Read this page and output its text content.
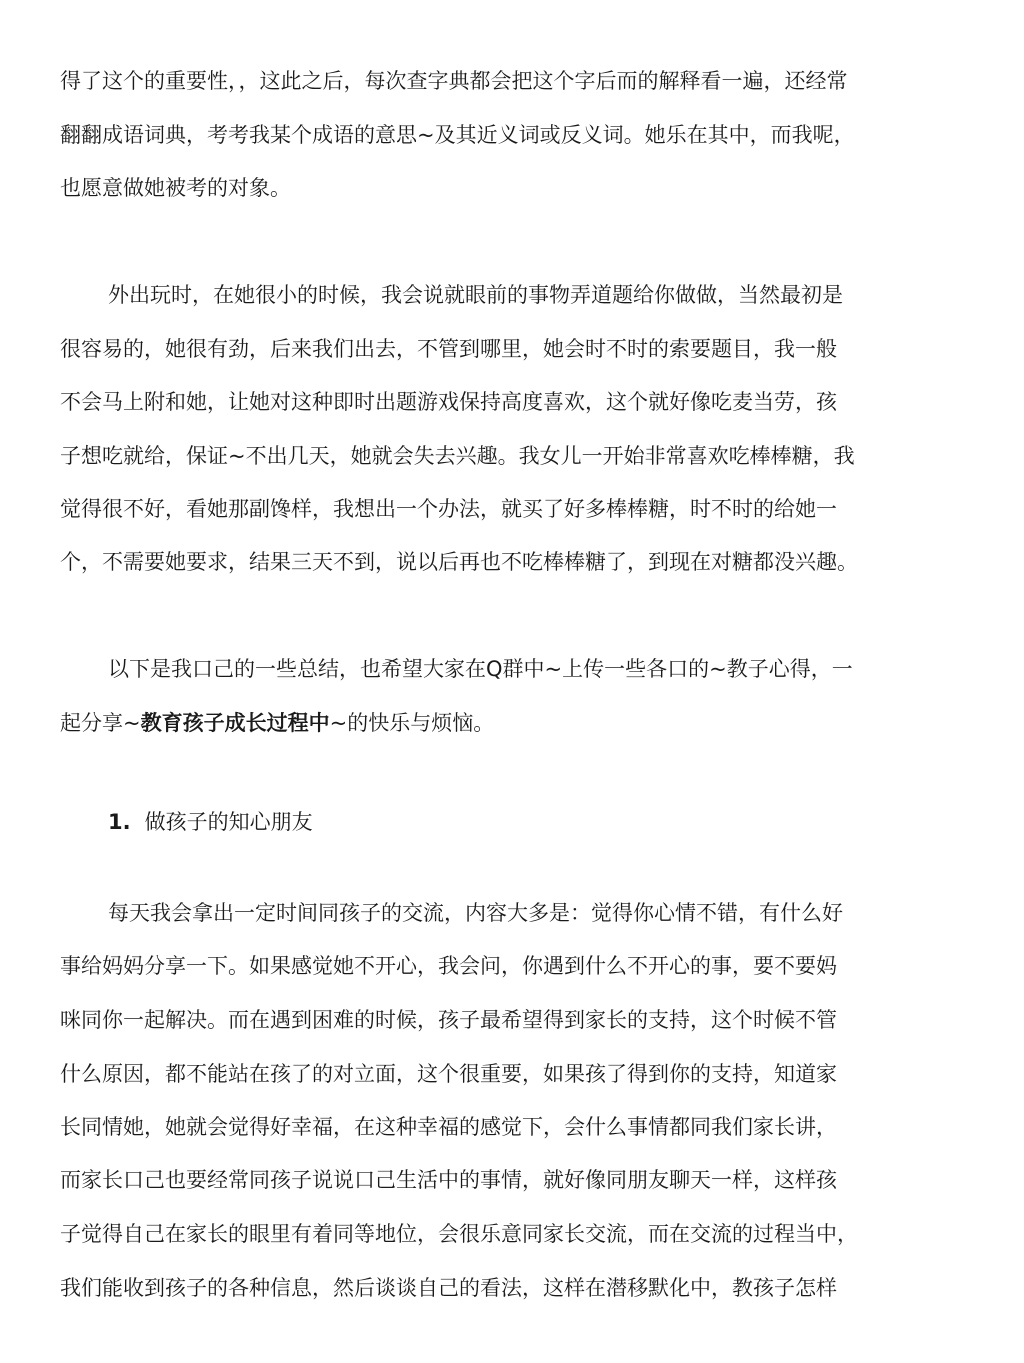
得了这个的重要性，，这此之后，每次查字典都会把这个字后而的解释看一遍，还经常
翻翻成语词典，考考我某个成语的意思~及其近义词或反义词。她乐在其中，而我呢，
也愿意做她被考的对象。
外出玩时，在她很小的时候，我会说就眼前的事物弄道题给你做做，当然最初是
很容易的，她很有劲，后来我们出去，不管到哪里，她会时不时的索要题目，我一般
不会马上附和她，让她对这种即时出题游戏保持高度喜欢，这个就好像吃麦当劳，孩
子想吃就给，保证~不出几天，她就会失去兴趣。我女儿一开始非常喜欢吃棒棒糖，我
觉得很不好，看她那副馋样，我想出一个办法，就买了好多棒棒糖，时不时的给她一
个，不需要她要求，结果三天不到，说以后再也不吃棒棒糖了，到现在对糖都没兴趣。
以下是我口己的一些总结，也希望大家在Q群中~上传一些各口的~教子心得，一
起分享~教育孩子成长过程中~的快乐与烦恼。
1. 做孩子的知心朋友
每天我会拿出一定时间同孩子的交流，内容大多是：觉得你心情不错，有什么好
事给妈妈分享一下。如果感觉她不开心，我会问，你遇到什么不开心的事，要不要妈
咪同你一起解决。而在遇到困难的时候，孩子最希望得到家长的支持，这个时候不管
什么原因，都不能站在孩了的对立面，这个很重要，如果孩了得到你的支持，知道家
长同情她，她就会觉得好幸福，在这种幸福的感觉下，会什么事情都同我们家长讲，
而家长口己也要经常同孩子说说口己生活中的事情，就好像同朋友聊天一样，这样孩
子觉得自己在家长的眼里有着同等地位，会很乐意同家长交流，而在交流的过程当中，
我们能收到孩子的各种信息，然后谈谈自己的看法，这样在潜移默化中，教孩子怎样
